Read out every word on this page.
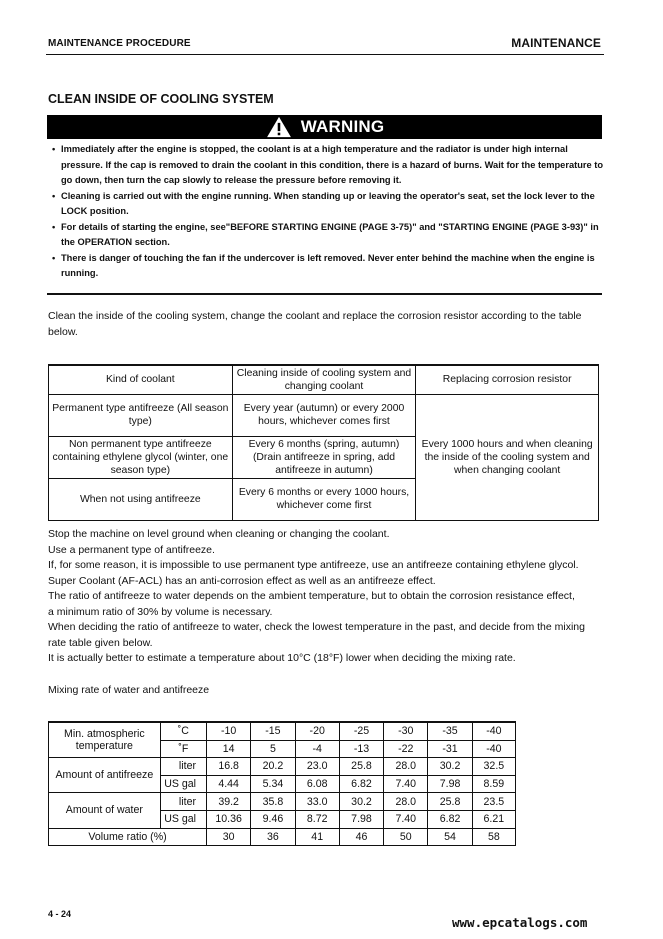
MAINTENANCE PROCEDURE	MAINTENANCE
CLEAN INSIDE OF COOLING SYSTEM
WARNING
• Immediately after the engine is stopped, the coolant is at a high temperature and the radiator is under high internal pressure. If the cap is removed to drain the coolant in this condition, there is a hazard of burns. Wait for the temperature to go down, then turn the cap slowly to release the pressure before removing it.
• Cleaning is carried out with the engine running. When standing up or leaving the operator's seat, set the lock lever to the LOCK position.
• For details of starting the engine, see"BEFORE STARTING ENGINE (PAGE 3-75)" and "STARTING ENGINE (PAGE 3-93)" in the OPERATION section.
• There is danger of touching the fan if the undercover is left removed. Never enter behind the machine when the engine is running.
Clean the inside of the cooling system, change the coolant and replace the corrosion resistor according to the table below.
Kind of coolant	Cleaning inside of cooling system and changing coolant	Replacing corrosion resistor
Permanent type antifreeze (All season type)	Every year (autumn) or every 2000 hours, whichever comes first	Every 1000 hours and when cleaning the inside of the cooling system and when changing coolant
Non permanent type antifreeze containing ethylene glycol (winter, one season type)	Every 6 months (spring, autumn) (Drain antifreeze in spring, add antifreeze in autumn)	
When not using antifreeze	Every 6 months or every 1000 hours, whichever come first	
Stop the machine on level ground when cleaning or changing the coolant.
Use a permanent type of antifreeze.
If, for some reason, it is impossible to use permanent type antifreeze, use an antifreeze containing ethylene glycol.
Super Coolant (AF-ACL) has an anti-corrosion effect as well as an antifreeze effect.
The ratio of antifreeze to water depends on the ambient temperature, but to obtain the corrosion resistance effect,
a minimum ratio of 30% by volume is necessary.
When deciding the ratio of antifreeze to water, check the lowest temperature in the past, and decide from the mixing
rate table given below.
It is actually better to estimate a temperature about 10°C (18°F) lower when deciding the mixing rate.
Mixing rate of water and antifreeze
Min. atmospheric temperature	˚C	-10	-15	-20	-25	-30	-35	-40
	˚F	14	5	-4	-13	-22	-31	-40
Amount of antifreeze	liter	16.8	20.2	23.0	25.8	28.0	30.2	32.5
	US gal	4.44	5.34	6.08	6.82	7.40	7.98	8.59
Amount of water	liter	39.2	35.8	33.0	30.2	28.0	25.8	23.5
	US gal	10.36	9.46	8.72	7.98	7.40	6.82	6.21
Volume ratio (%)		30	36	41	46	50	54	58
4 - 24
www.epcatalogs.com
